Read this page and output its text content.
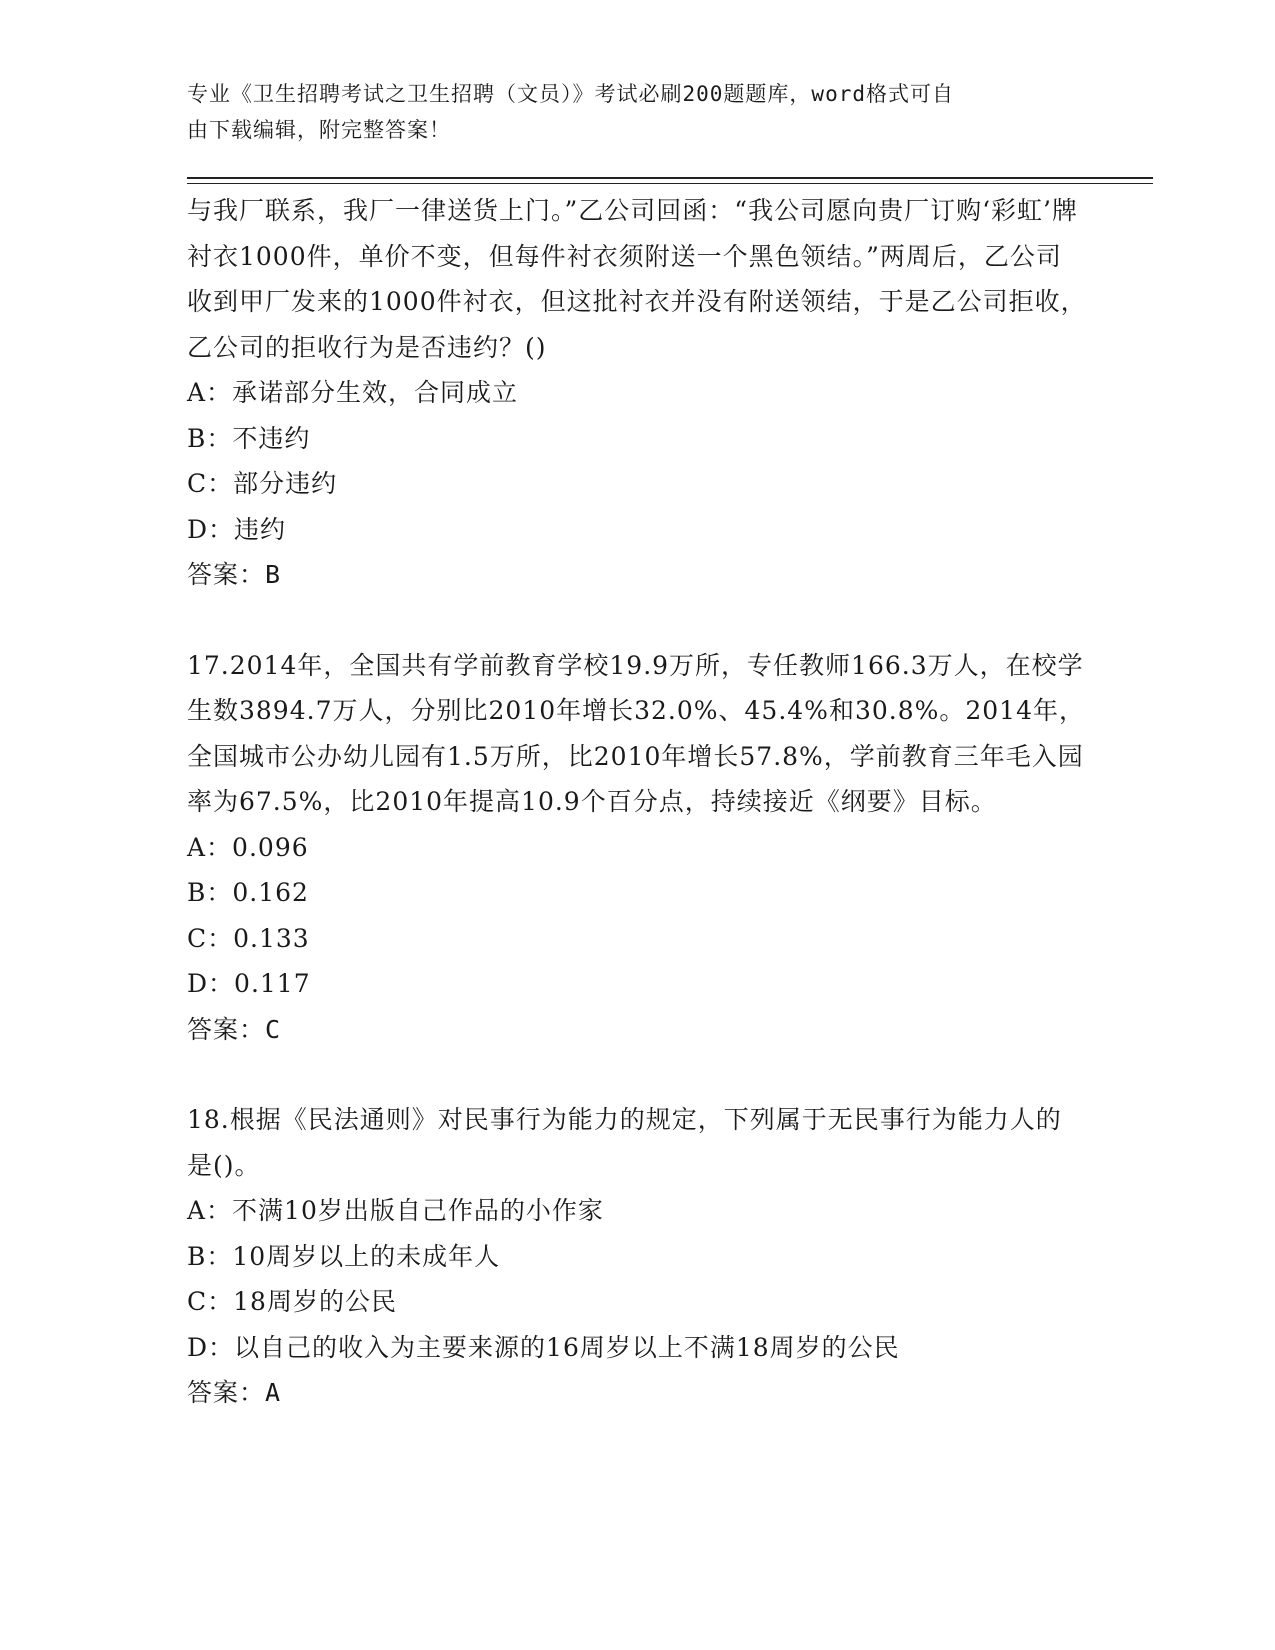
专业《卫生招聘考试之卫生招聘（文员）》考试必刷200题题库，word格式可自
由下载编辑，附完整答案！

与我厂联系，我厂一律送货上门。”乙公司回函：“我公司愿向贵厂订购‘彩虹’牌衬衣1000件，单价不变，但每件衬衣须附送一个黑色领结。”两周后，乙公司收到甲厂发来的1000件衬衣，但这批衬衣并没有附送领结，于是乙公司拒收，乙公司的拒收行为是否违约？()

A：承诺部分生效，合同成立

B：不违约

C：部分违约

D：违约

答案：B

17.2014年，全国共有学前教育学校19.9万所，专任教师166.3万人，在校学生数3894.7万人，分别比2010年增长32.0%、45.4%和30.8%。2014年，全国城市公办幼儿园有1.5万所，比2010年增长57.8%，学前教育三年毛入园率为67.5%，比2010年提高10.9个百分点，持续接近《纲要》目标。

A：0.096

B：0.162

C：0.133

D：0.117

答案：C

18.根据《民法通则》对民事行为能力的规定，下列属于无民事行为能力人的是()。

A：不满10岁出版自己作品的小作家

B：10周岁以上的未成年人

C：18周岁的公民

D：以自己的收入为主要来源的16周岁以上不满18周岁的公民

答案：A
